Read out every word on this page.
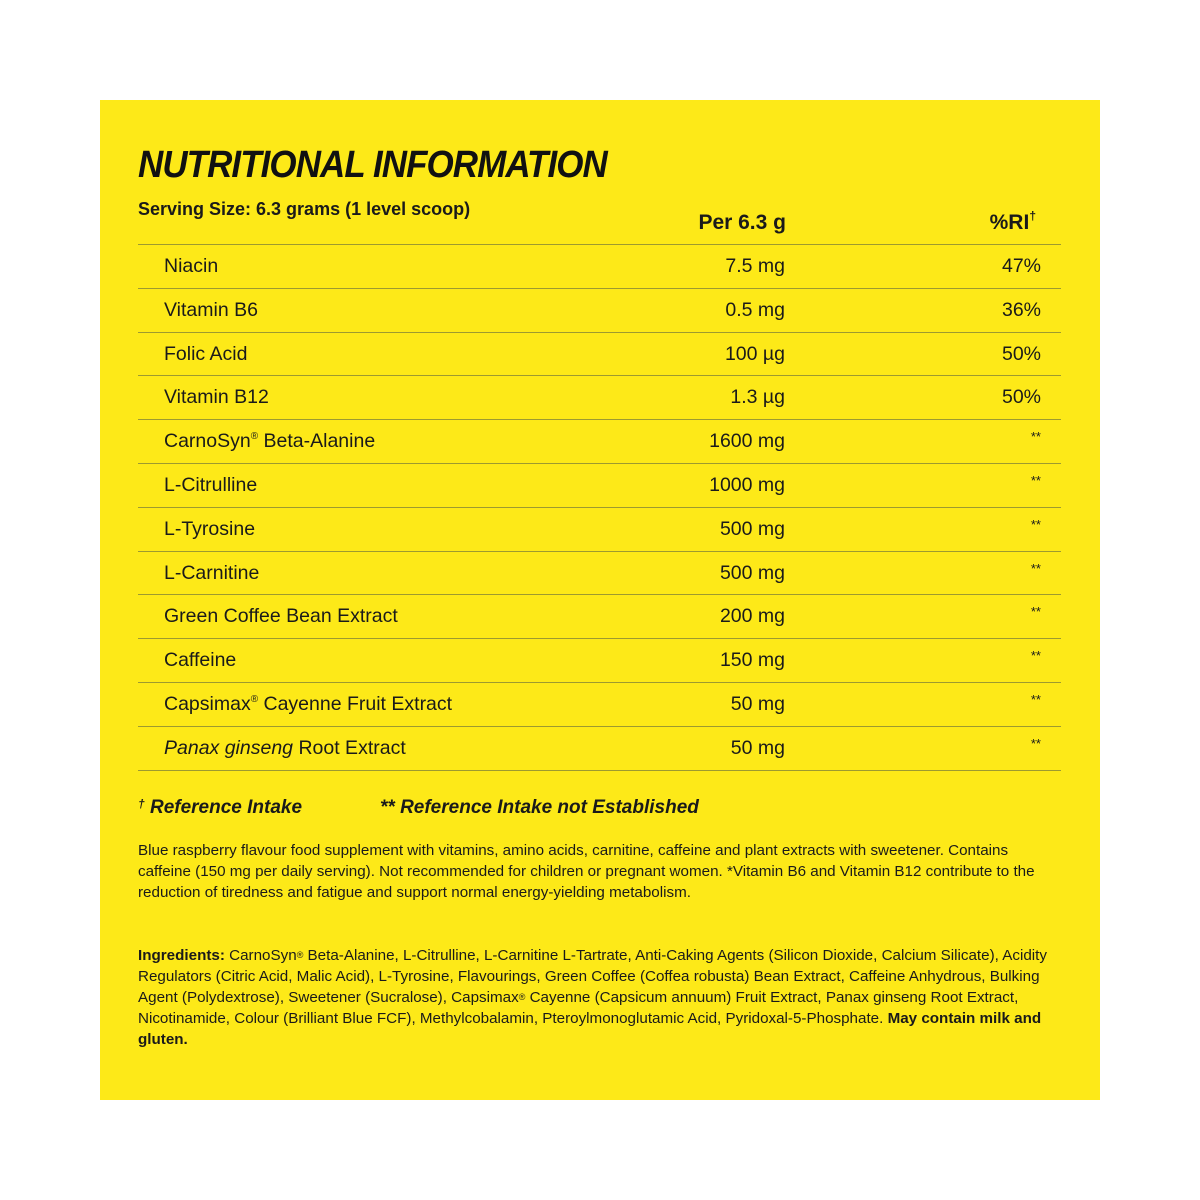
NUTRITIONAL INFORMATION
Serving Size: 6.3 grams (1 level scoop)
Per 6.3 g	%RI†
Niacin	7.5 mg	47%
Vitamin B6	0.5 mg	36%
Folic Acid	100 µg	50%
Vitamin B12	1.3 µg	50%
CarnoSyn® Beta-Alanine	1600 mg	**
L-Citrulline	1000 mg	**
L-Tyrosine	500 mg	**
L-Carnitine	500 mg	**
Green Coffee Bean Extract	200 mg	**
Caffeine	150 mg	**
Capsimax® Cayenne Fruit Extract	50 mg	**
Panax ginseng Root Extract	50 mg	**
† Reference Intake	** Reference Intake not Established
Blue raspberry flavour food supplement with vitamins, amino acids, carnitine, caffeine and plant extracts with sweetener. Contains caffeine (150 mg per daily serving). Not recommended for children or pregnant women. *Vitamin B6 and Vitamin B12 contribute to the reduction of tiredness and fatigue and support normal energy-yielding metabolism.
Ingredients: CarnoSyn® Beta-Alanine, L-Citrulline, L-Carnitine L-Tartrate, Anti-Caking Agents (Silicon Dioxide, Calcium Silicate), Acidity Regulators (Citric Acid, Malic Acid), L-Tyrosine, Flavourings, Green Coffee (Coffea robusta) Bean Extract, Caffeine Anhydrous, Bulking Agent (Polydextrose), Sweetener (Sucralose), Capsimax® Cayenne (Capsicum annuum) Fruit Extract, Panax ginseng Root Extract, Nicotinamide, Colour (Brilliant Blue FCF), Methylcobalamin, Pteroylmonoglutamic Acid, Pyridoxal-5-Phosphate. May contain milk and gluten.
